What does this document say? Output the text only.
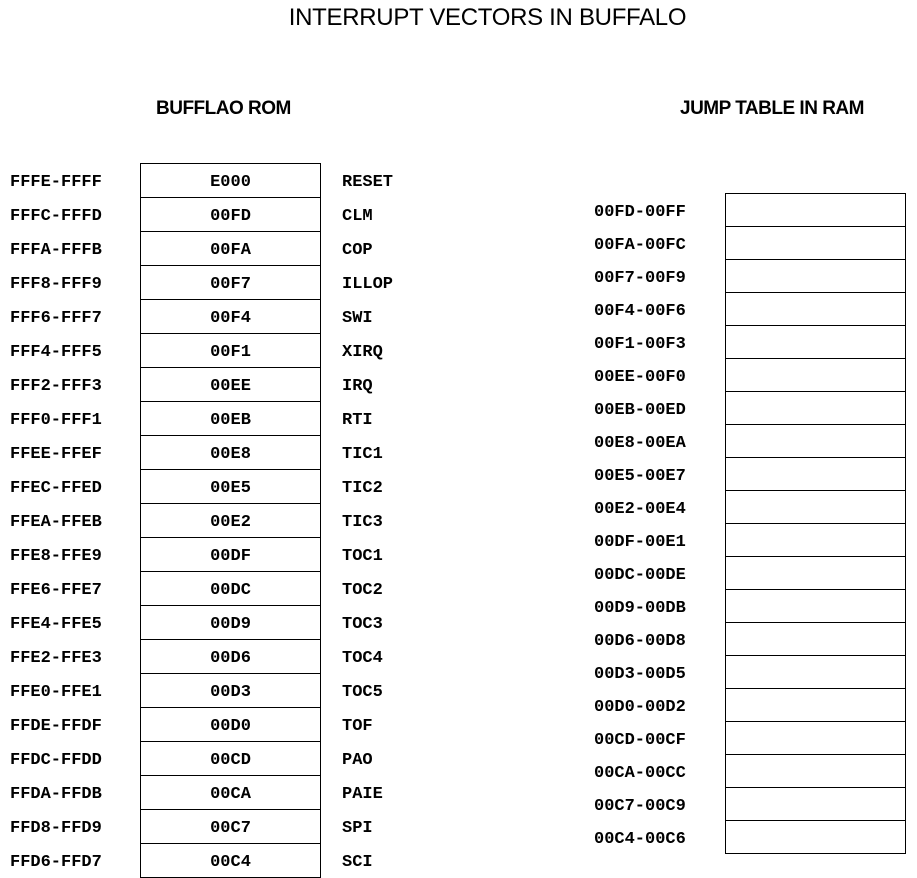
INTERRUPT VECTORS IN BUFFALO
BUFFLAO ROM	JUMP TABLE IN RAM
FFFE-FFFF	E000	RESET
FFFC-FFFD	00FD	CLM
FFFA-FFFB	00FA	COP
FFF8-FFF9	00F7	ILLOP
FFF6-FFF7	00F4	SWI
FFF4-FFF5	00F1	XIRQ
FFF2-FFF3	00EE	IRQ
FFF0-FFF1	00EB	RTI
FFEE-FFEF	00E8	TIC1
FFEC-FFED	00E5	TIC2
FFEA-FFEB	00E2	TIC3
FFE8-FFE9	00DF	TOC1
FFE6-FFE7	00DC	TOC2
FFE4-FFE5	00D9	TOC3
FFE2-FFE3	00D6	TOC4
FFE0-FFE1	00D3	TOC5
FFDE-FFDF	00D0	TOF
FFDC-FFDD	00CD	PAO
FFDA-FFDB	00CA	PAIE
FFD8-FFD9	00C7	SPI
FFD6-FFD7	00C4	SCI
00FD-00FF	
00FA-00FC	
00F7-00F9	
00F4-00F6	
00F1-00F3	
00EE-00F0	
00EB-00ED	
00E8-00EA	
00E5-00E7	
00E2-00E4	
00DF-00E1	
00DC-00DE	
00D9-00DB	
00D6-00D8	
00D3-00D5	
00D0-00D2	
00CD-00CF	
00CA-00CC	
00C7-00C9	
00C4-00C6	
